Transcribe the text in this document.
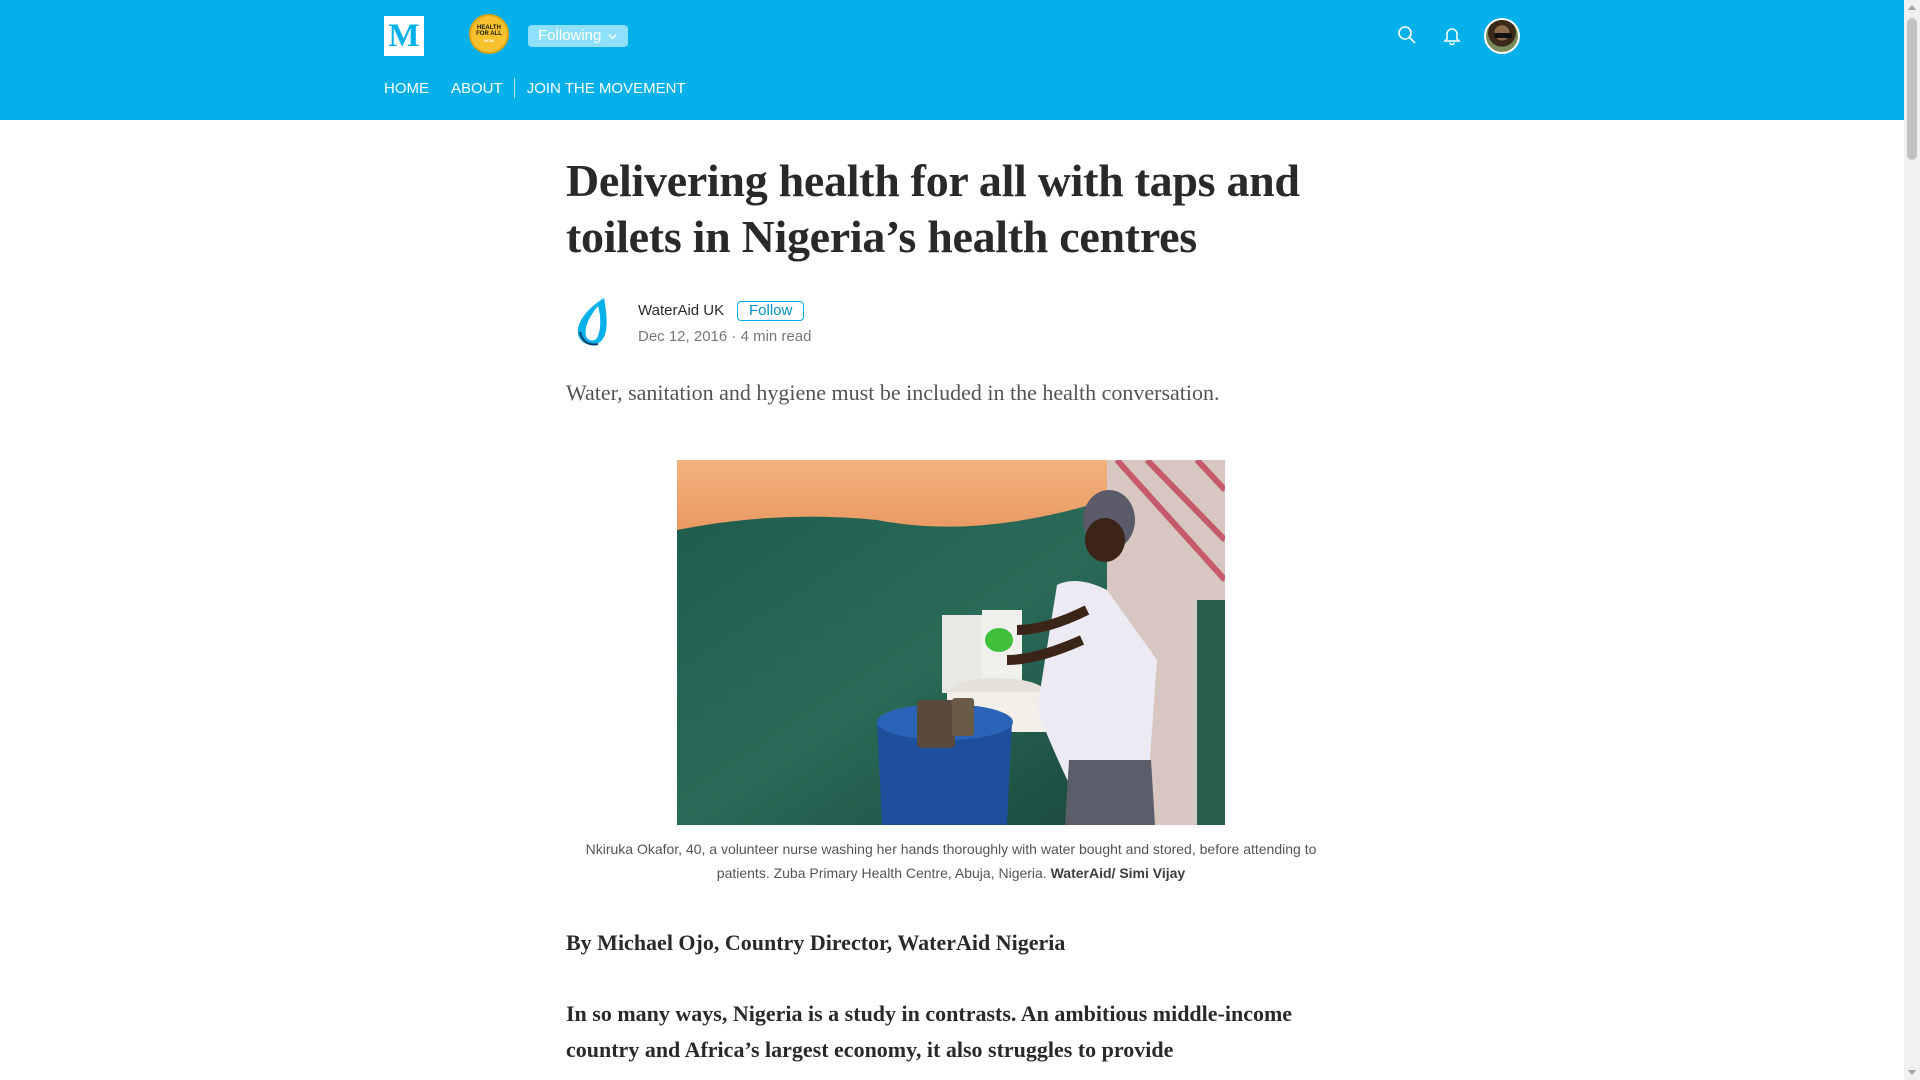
M	HEALTH FOR ALL
NOW	Following
HOME ABOUT JOIN THE MOVEMENT
Delivering health for all with taps and toilets in Nigeria’s health centres
WaterAid UK	Follow
Dec 12, 2016 · 4 min read

Water, sanitation and hygiene must be included in the health conversation.

Nkiruka Okafor, 40, a volunteer nurse washing her hands thoroughly with water bought and stored, before attending to patients. Zuba Primary Health Centre, Abuja, Nigeria. WaterAid/ Simi Vijay

By Michael Ojo, Country Director, WaterAid Nigeria

In so many ways, Nigeria is a study in contrasts. An ambitious middle-income country and Africa’s largest economy, it also struggles to provide
